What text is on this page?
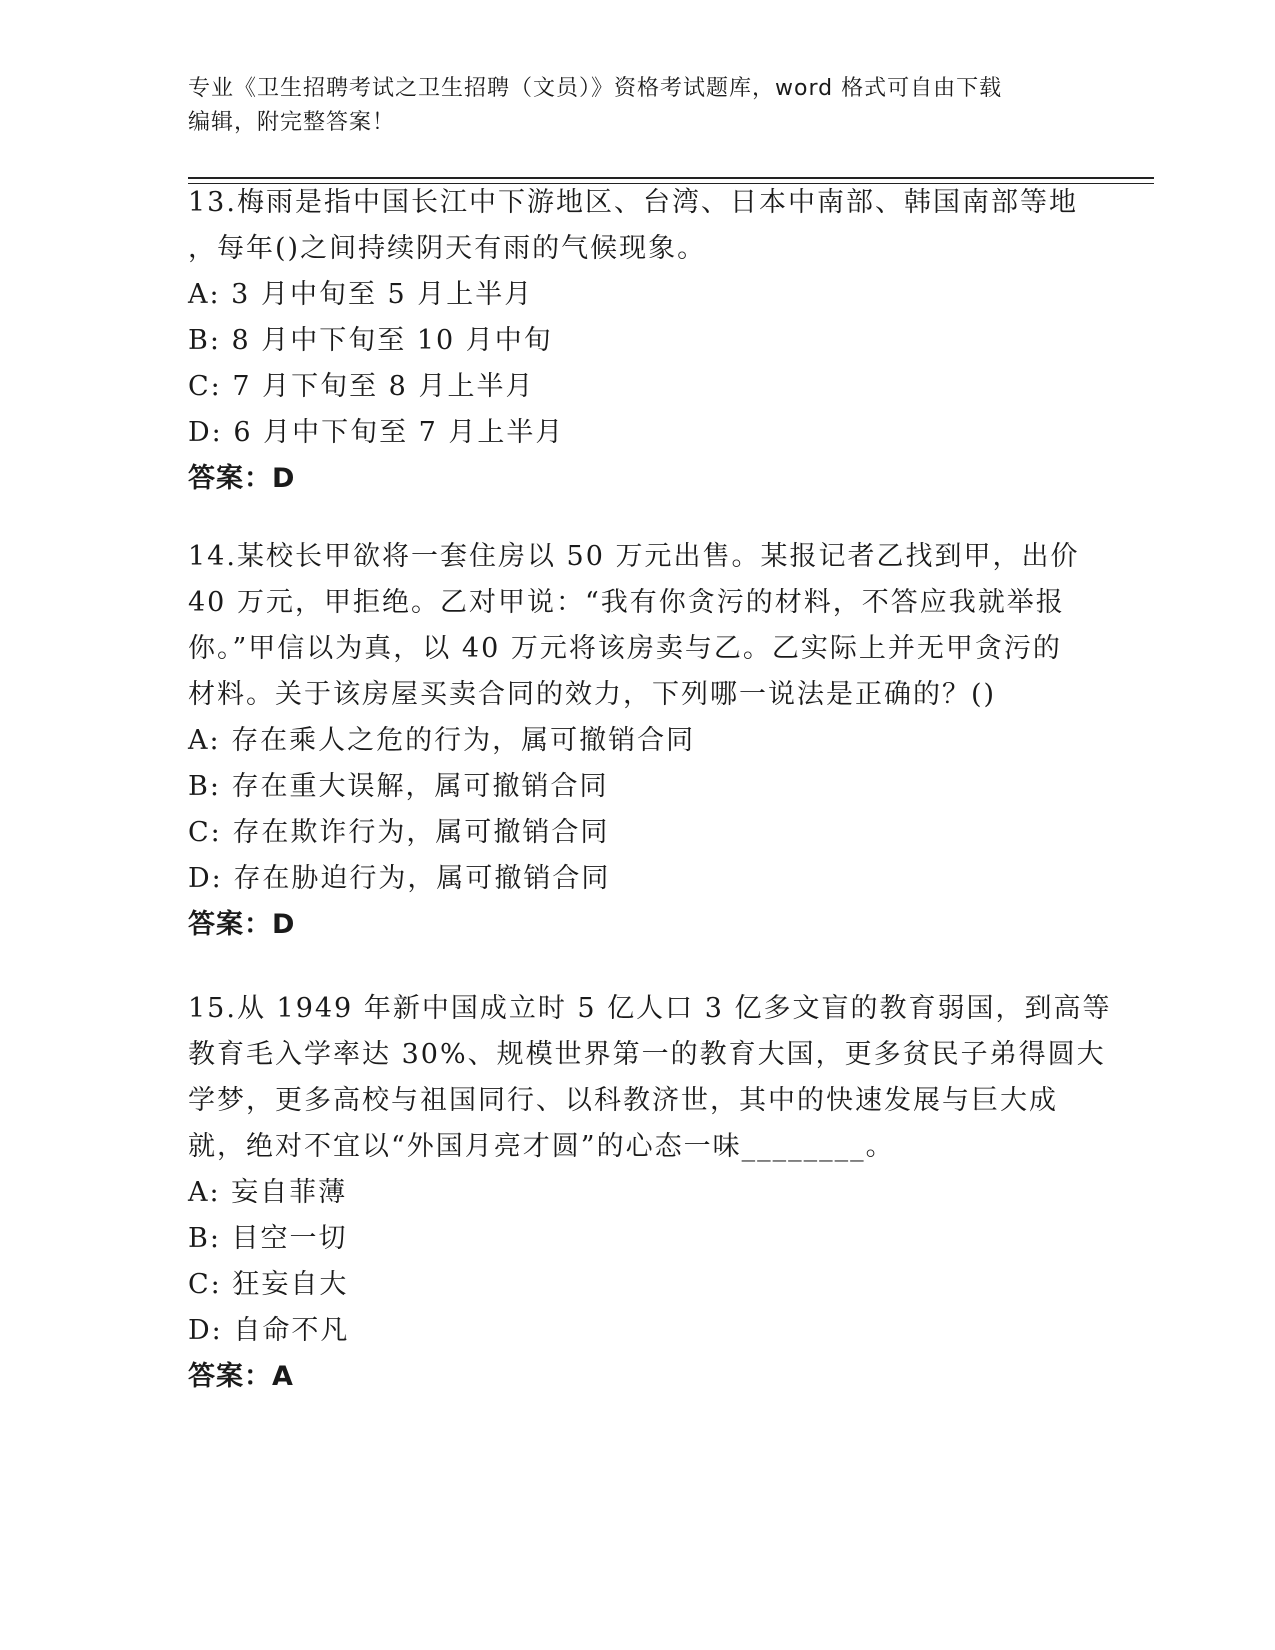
专业《卫生招聘考试之卫生招聘（文员）》资格考试题库，word 格式可自由下载
编辑，附完整答案！
13.梅雨是指中国长江中下游地区、台湾、日本中南部、韩国南部等地
，每年()之间持续阴天有雨的气候现象。
A: 3 月中旬至 5 月上半月
B: 8 月中下旬至 10 月中旬
C: 7 月下旬至 8 月上半月
D: 6 月中下旬至 7 月上半月
答案：D
14.某校长甲欲将一套住房以 50 万元出售。某报记者乙找到甲，出价
40 万元，甲拒绝。乙对甲说：“我有你贪污的材料，不答应我就举报
你。”甲信以为真，以 40 万元将该房卖与乙。乙实际上并无甲贪污的
材料。关于该房屋买卖合同的效力，下列哪一说法是正确的？()
A: 存在乘人之危的行为，属可撤销合同
B: 存在重大误解，属可撤销合同
C: 存在欺诈行为，属可撤销合同
D: 存在胁迫行为，属可撤销合同
答案：D
15.从 1949 年新中国成立时 5 亿人口 3 亿多文盲的教育弱国，到高等
教育毛入学率达 30%、规模世界第一的教育大国，更多贫民子弟得圆大
学梦，更多高校与祖国同行、以科教济世，其中的快速发展与巨大成
就，绝对不宜以“外国月亮才圆”的心态一味________。
A: 妄自菲薄
B: 目空一切
C: 狂妄自大
D: 自命不凡
答案：A
